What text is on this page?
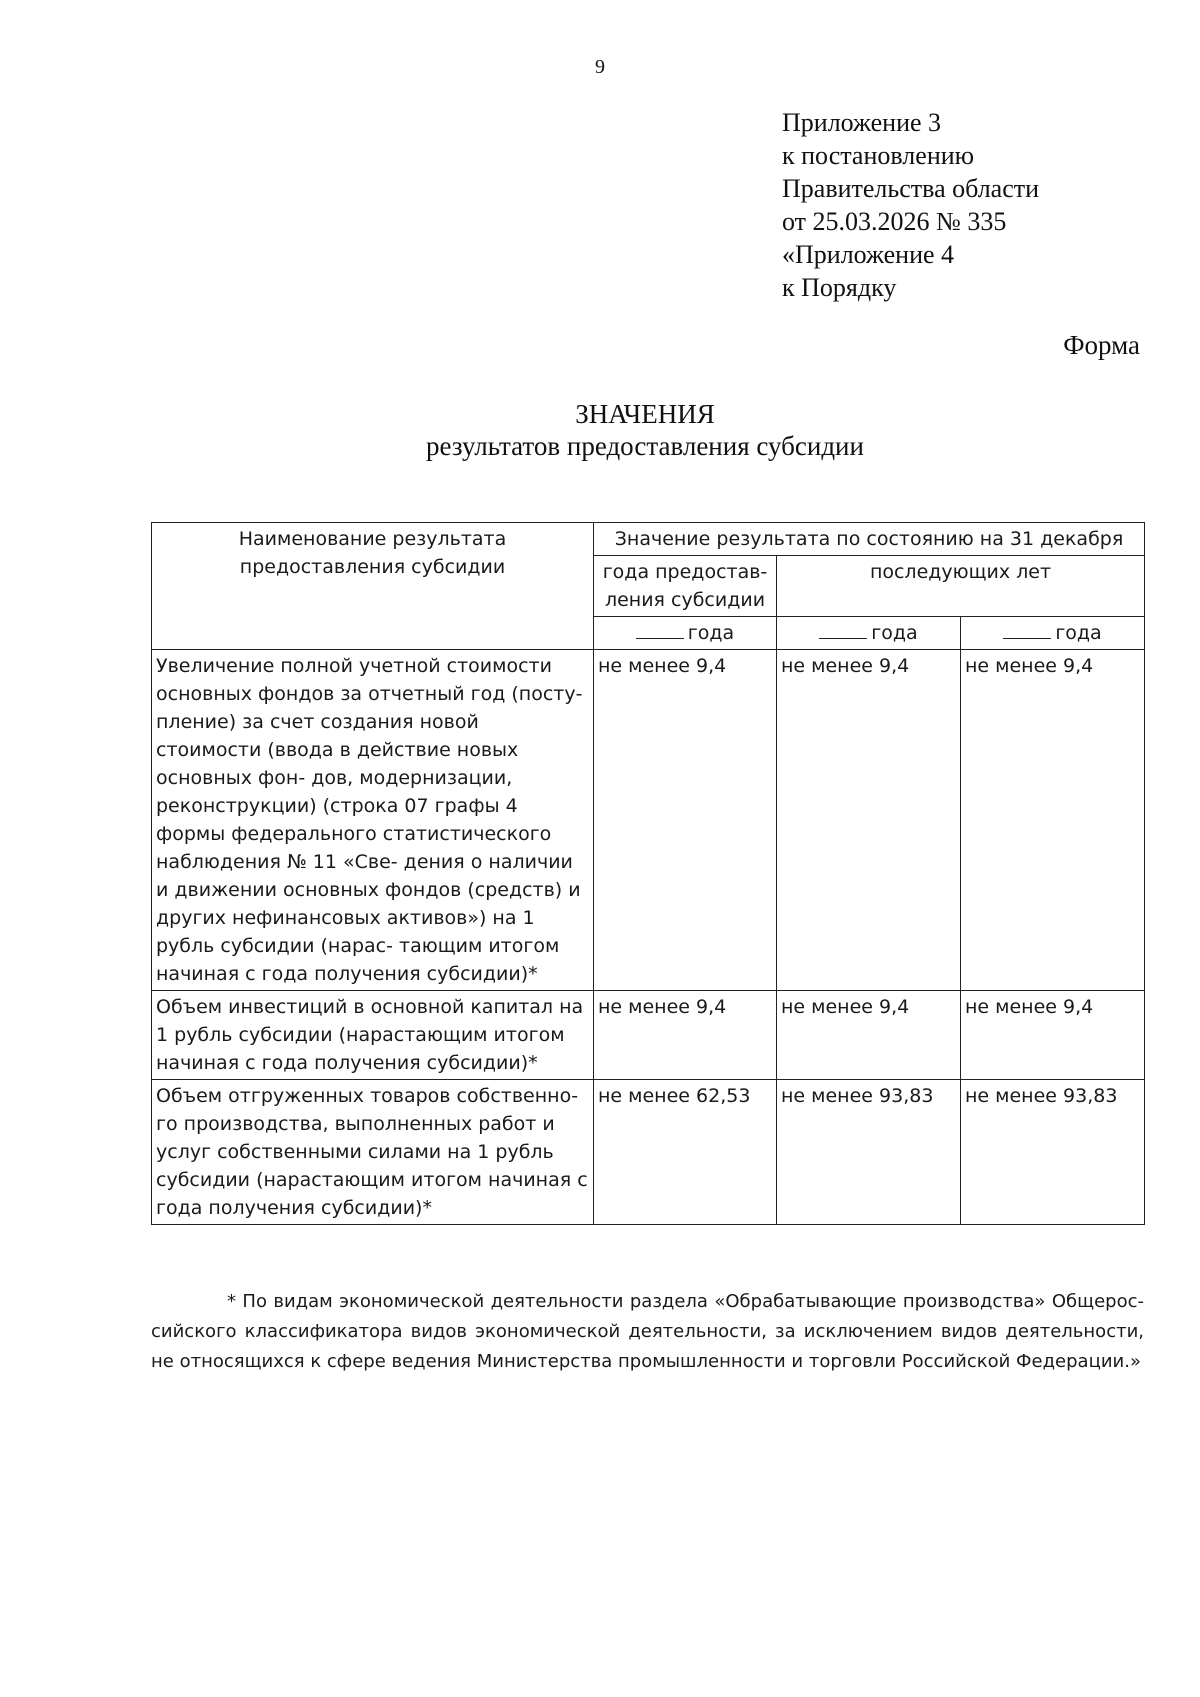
9
Приложение 3
к постановлению
Правительства области
от 25.03.2026 № 335
«Приложение 4
к Порядку
Форма
ЗНАЧЕНИЯ
результатов предоставления субсидии
Наименование результата предоставления субсидии	Значение результата по состоянию на 31 декабря		
	года предостав- ления субсидии	последующих лет	
	года	года	года
Увеличение полной учетной стоимости основных фондов за отчетный год (посту- пление) за счет создания новой стоимости (ввода в действие новых основных фон- дов, модернизации, реконструкции) (строка 07 графы 4 формы федерального статистического наблюдения № 11 «Све- дения о наличии и движении основных фондов (средств) и других нефинансовых активов») на 1 рубль субсидии (нарас- тающим итогом начиная с года получения субсидии)*	не менее 9,4	не менее 9,4	не менее 9,4
Объем инвестиций в основной капитал на 1 рубль субсидии (нарастающим итогом начиная с года получения субсидии)*	не менее 9,4	не менее 9,4	не менее 9,4
Объем отгруженных товаров собственно- го производства, выполненных работ и услуг собственными силами на 1 рубль субсидии (нарастающим итогом начиная с года получения субсидии)*	не менее 62,53	не менее 93,83	не менее 93,83
* По видам экономической деятельности раздела «Обрабатывающие производства» Общерос- сийского классификатора видов экономической деятельности, за исключением видов деятельности, не относящихся к сфере ведения Министерства промышленности и торговли Российской Федерации.»
